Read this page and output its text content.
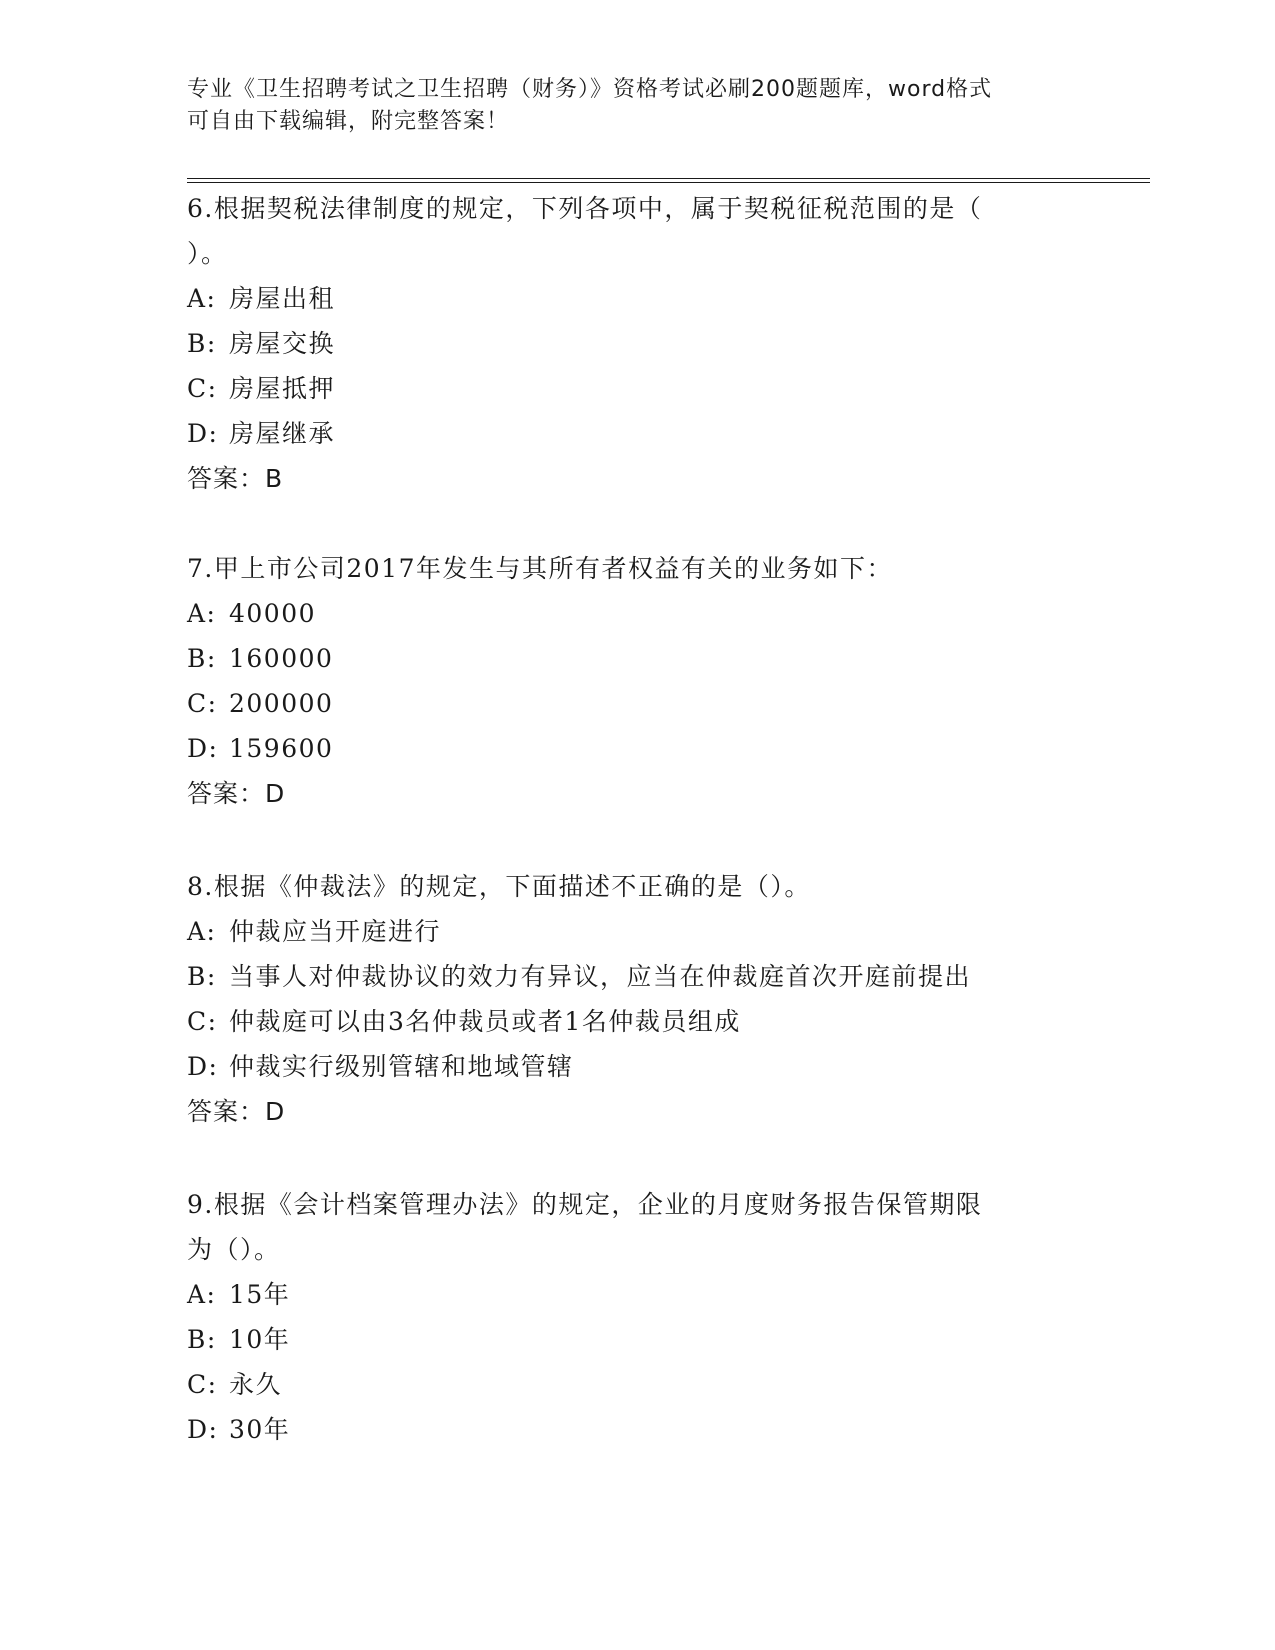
专业《卫生招聘考试之卫生招聘（财务）》资格考试必刷200题题库，word格式
可自由下载编辑，附完整答案！
6.根据契税法律制度的规定，下列各项中，属于契税征税范围的是（
）。
A: 房屋出租
B: 房屋交换
C: 房屋抵押
D: 房屋继承
答案：B
7.甲上市公司2017年发生与其所有者权益有关的业务如下：
A: 40000
B: 160000
C: 200000
D: 159600
答案：D
8.根据《仲裁法》的规定，下面描述不正确的是（）。
A: 仲裁应当开庭进行
B: 当事人对仲裁协议的效力有异议，应当在仲裁庭首次开庭前提出
C: 仲裁庭可以由3名仲裁员或者1名仲裁员组成
D: 仲裁实行级别管辖和地域管辖
答案：D
9.根据《会计档案管理办法》的规定，企业的月度财务报告保管期限
为（）。
A: 15年
B: 10年
C: 永久
D: 30年
